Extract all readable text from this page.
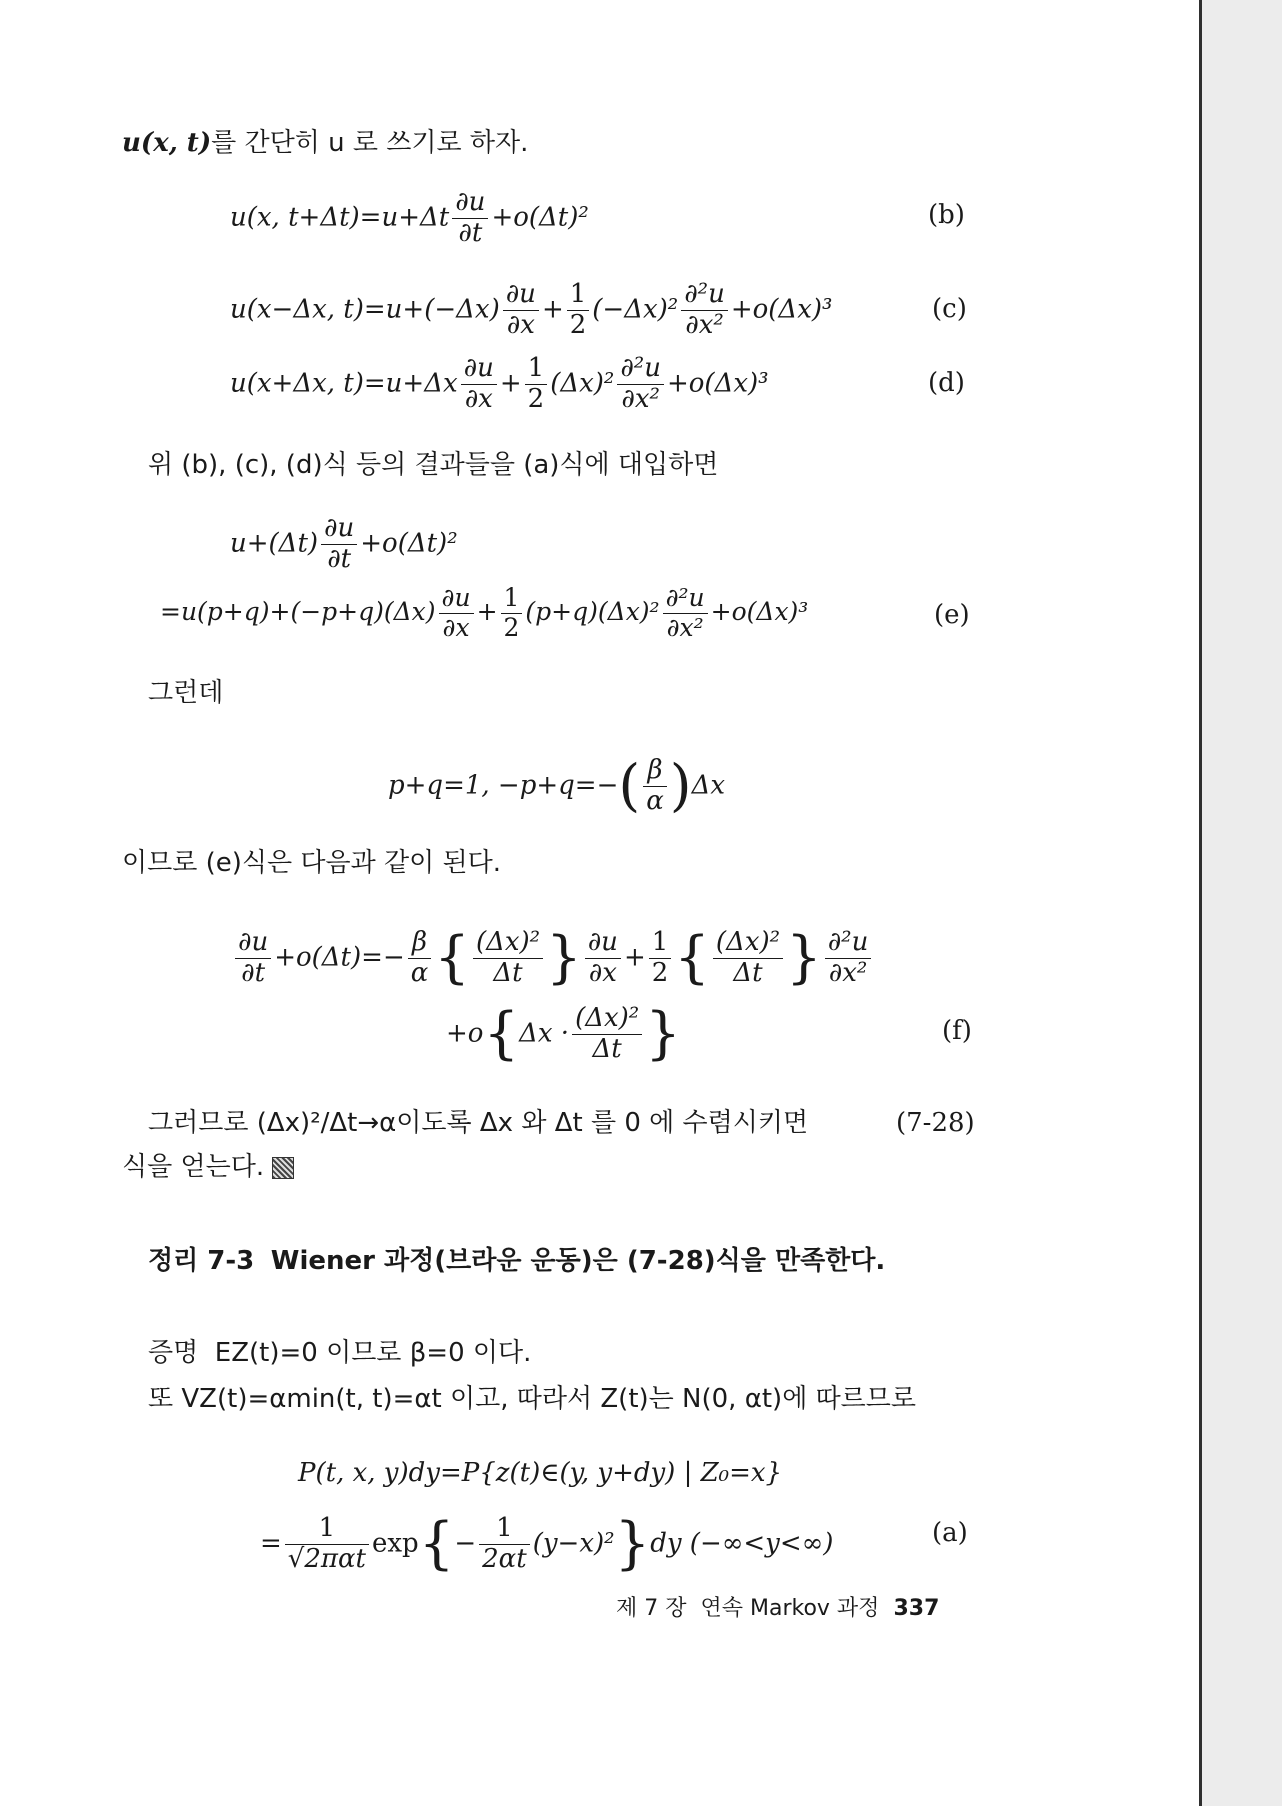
u(x, t)를 간단히 u 로 쓰기로 하자.
u(x, $t+\Delta t)=u+\Delta t \frac{\partial u}{\partial t} +o(\Delta t)^2$	(b)
u(x−Δx, $t)=u+(-\Delta x) \frac{\partial u}{\partial x} + \frac{1}{2} (-\Delta x)^2 \frac{\text{∂²u}}{\text{∂x²}} +o(\Delta x)^3$	(c)
u(x+Δx, $t)=u+\Delta x \frac{\partial u}{\partial x} + \frac{1}{2} (\Delta x)^2 \frac{\text{∂²u}}{\text{∂x²}} +o(\Delta x)^3$	(d)
위 (b), (c), (d)식 등의 결과들을 (a)식에 대입하면
$u+(\Delta t) \frac{\partial u}{\partial t} +o(\Delta t)^2$
$=u(p+q)+(-p+q)(\Delta x) \frac{\partial u}{\partial x} + \frac{1}{2} (p+q)(\Delta x)^2 \frac{\text{∂²u}}{\text{∂x²}} +o(\Delta x)^3$	(e)
그런데
p+q=1, $-p+q=-( \frac{\beta}{\alpha} )\Delta x$
이므로 (e)식은 다음과 같이 된다.
$\frac{\partial u}{\partial t} +o(\Delta t)=- \frac{\beta}{\alpha}$ { $\frac{\text{(Δx)²}}{\Delta t}$ } $\frac{\partial u}{\partial x} + \frac{1}{2}$ { $\frac{\text{(Δx)²}}{\Delta t}$ } $\frac{\text{∂²u}}{\text{∂x²}}$
$+o\{\Delta x \cdot \frac{\text{(Δx)²}}{\Delta t}$ }	(f)
그러므로 (Δx)²/Δt→α이도록 Δx 와 Δt 를 0 에 수렴시키면	(7-28)
식을 얻는다.
정리 7-3 Wiener 과정(브라운 운동)은 (7-28)식을 만족한다.
증명 EZ(t)=0 이므로 β=0 이다.
또 VZ(t)=αmin(t, t)=αt 이고, 따라서 Z(t)는 N(0, αt)에 따르므로
P(t, x, y)dy=P{z(t)∈(y, y+dy) | Z₀=x}
= $\frac{1}{\text{√2παt}} \exp\{- \frac{1}{2\alpha t} (y-x)^2\}dy$ (−∞<y<∞)	(a)
제 7 장 연속 Markov 과정 337
